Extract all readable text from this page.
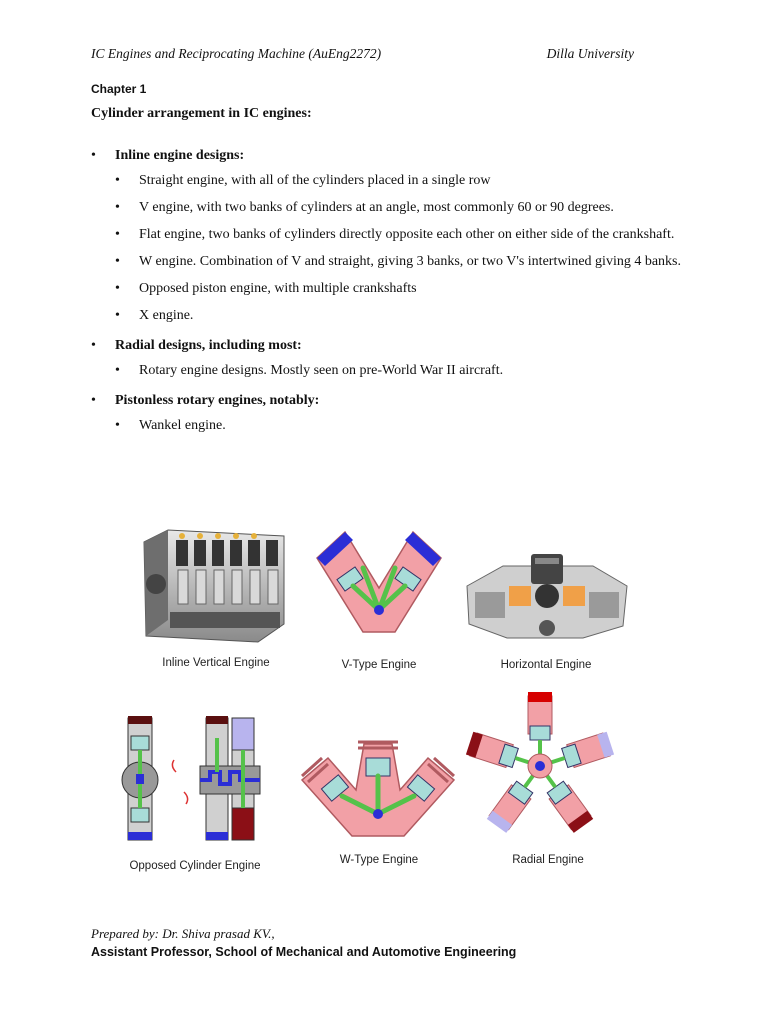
IC Engines and Reciprocating Machine (AuEng2272)	Dilla University
Chapter 1
Cylinder arrangement in IC engines:
• Inline engine designs:
• Straight engine, with all of the cylinders placed in a single row
• V engine, with two banks of cylinders at an angle, most commonly 60 or 90 degrees.
• Flat engine, two banks of cylinders directly opposite each other on either side of the crankshaft.
• W engine. Combination of V and straight, giving 3 banks, or two V's intertwined giving 4 banks.
• Opposed piston engine, with multiple crankshafts
• X engine.
• Radial designs, including most:
• Rotary engine designs. Mostly seen on pre-World War II aircraft.
• Pistonless rotary engines, notably:
• Wankel engine.
Inline Vertical Engine	V-Type Engine	Horizontal Engine
Opposed Cylinder Engine	W-Type Engine	Radial Engine
Prepared by: Dr. Shiva prasad KV.,
Assistant Professor, School of Mechanical and Automotive Engineering
